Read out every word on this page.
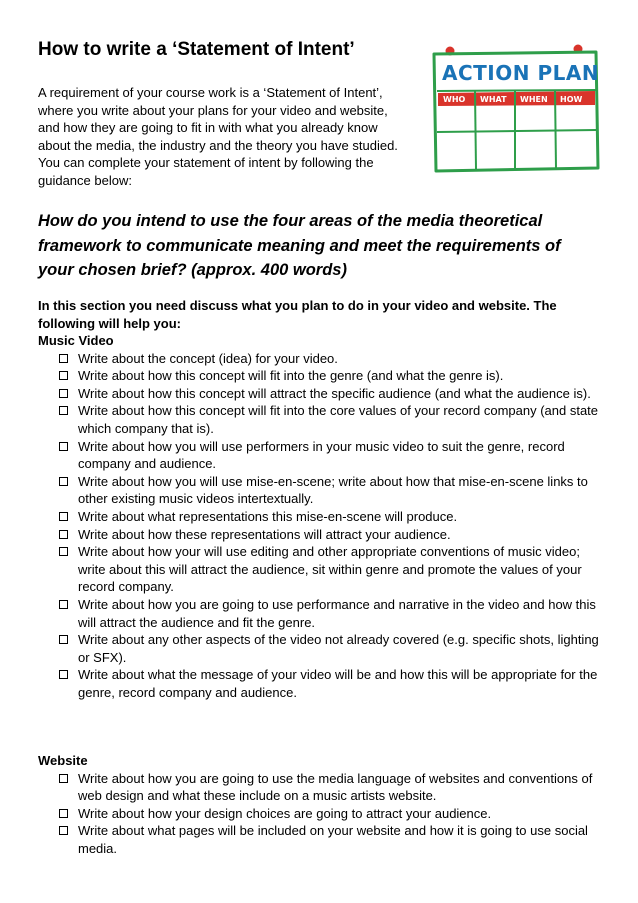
How to write a ‘Statement of Intent’

A requirement of your course work is a ‘Statement of Intent’, where you write about your plans for your video and website, and how they are going to fit in with what you already know about the media, the industry and the theory you have studied. You can complete your statement of intent by following the guidance below:

ACTION PLAN
WHO WHAT WHEN HOW

How do you intend to use the four areas of the media theoretical framework to communicate meaning and meet the requirements of your chosen brief? (approx. 400 words)

In this section you need discuss what you plan to do in your video and website. The following will help you:

Music Video

Write about the concept (idea) for your video.
Write about how this concept will fit into the genre (and what the genre is).
Write about how this concept will attract the specific audience (and what the audience is).
Write about how this concept will fit into the core values of your record company (and state which company that is).
Write about how you will use performers in your music video to suit the genre, record company and audience.
Write about how you will use mise-en-scene; write about how that mise-en-scene links to other existing music videos intertextually.
Write about what representations this mise-en-scene will produce.
Write about how these representations will attract your audience.
Write about how your will use editing and other appropriate conventions of music video; write about this will attract the audience, sit within genre and promote the values of your record company.
Write about how you are going to use performance and narrative in the video and how this will attract the audience and fit the genre.
Write about any other aspects of the video not already covered (e.g. specific shots, lighting or SFX).
Write about what the message of your video will be and how this will be appropriate for the genre, record company and audience.

Website

Write about how you are going to use the media language of websites and conventions of web design and what these include on a music artists website.
Write about how your design choices are going to attract your audience.
Write about what pages will be included on your website and how it is going to use social media.
